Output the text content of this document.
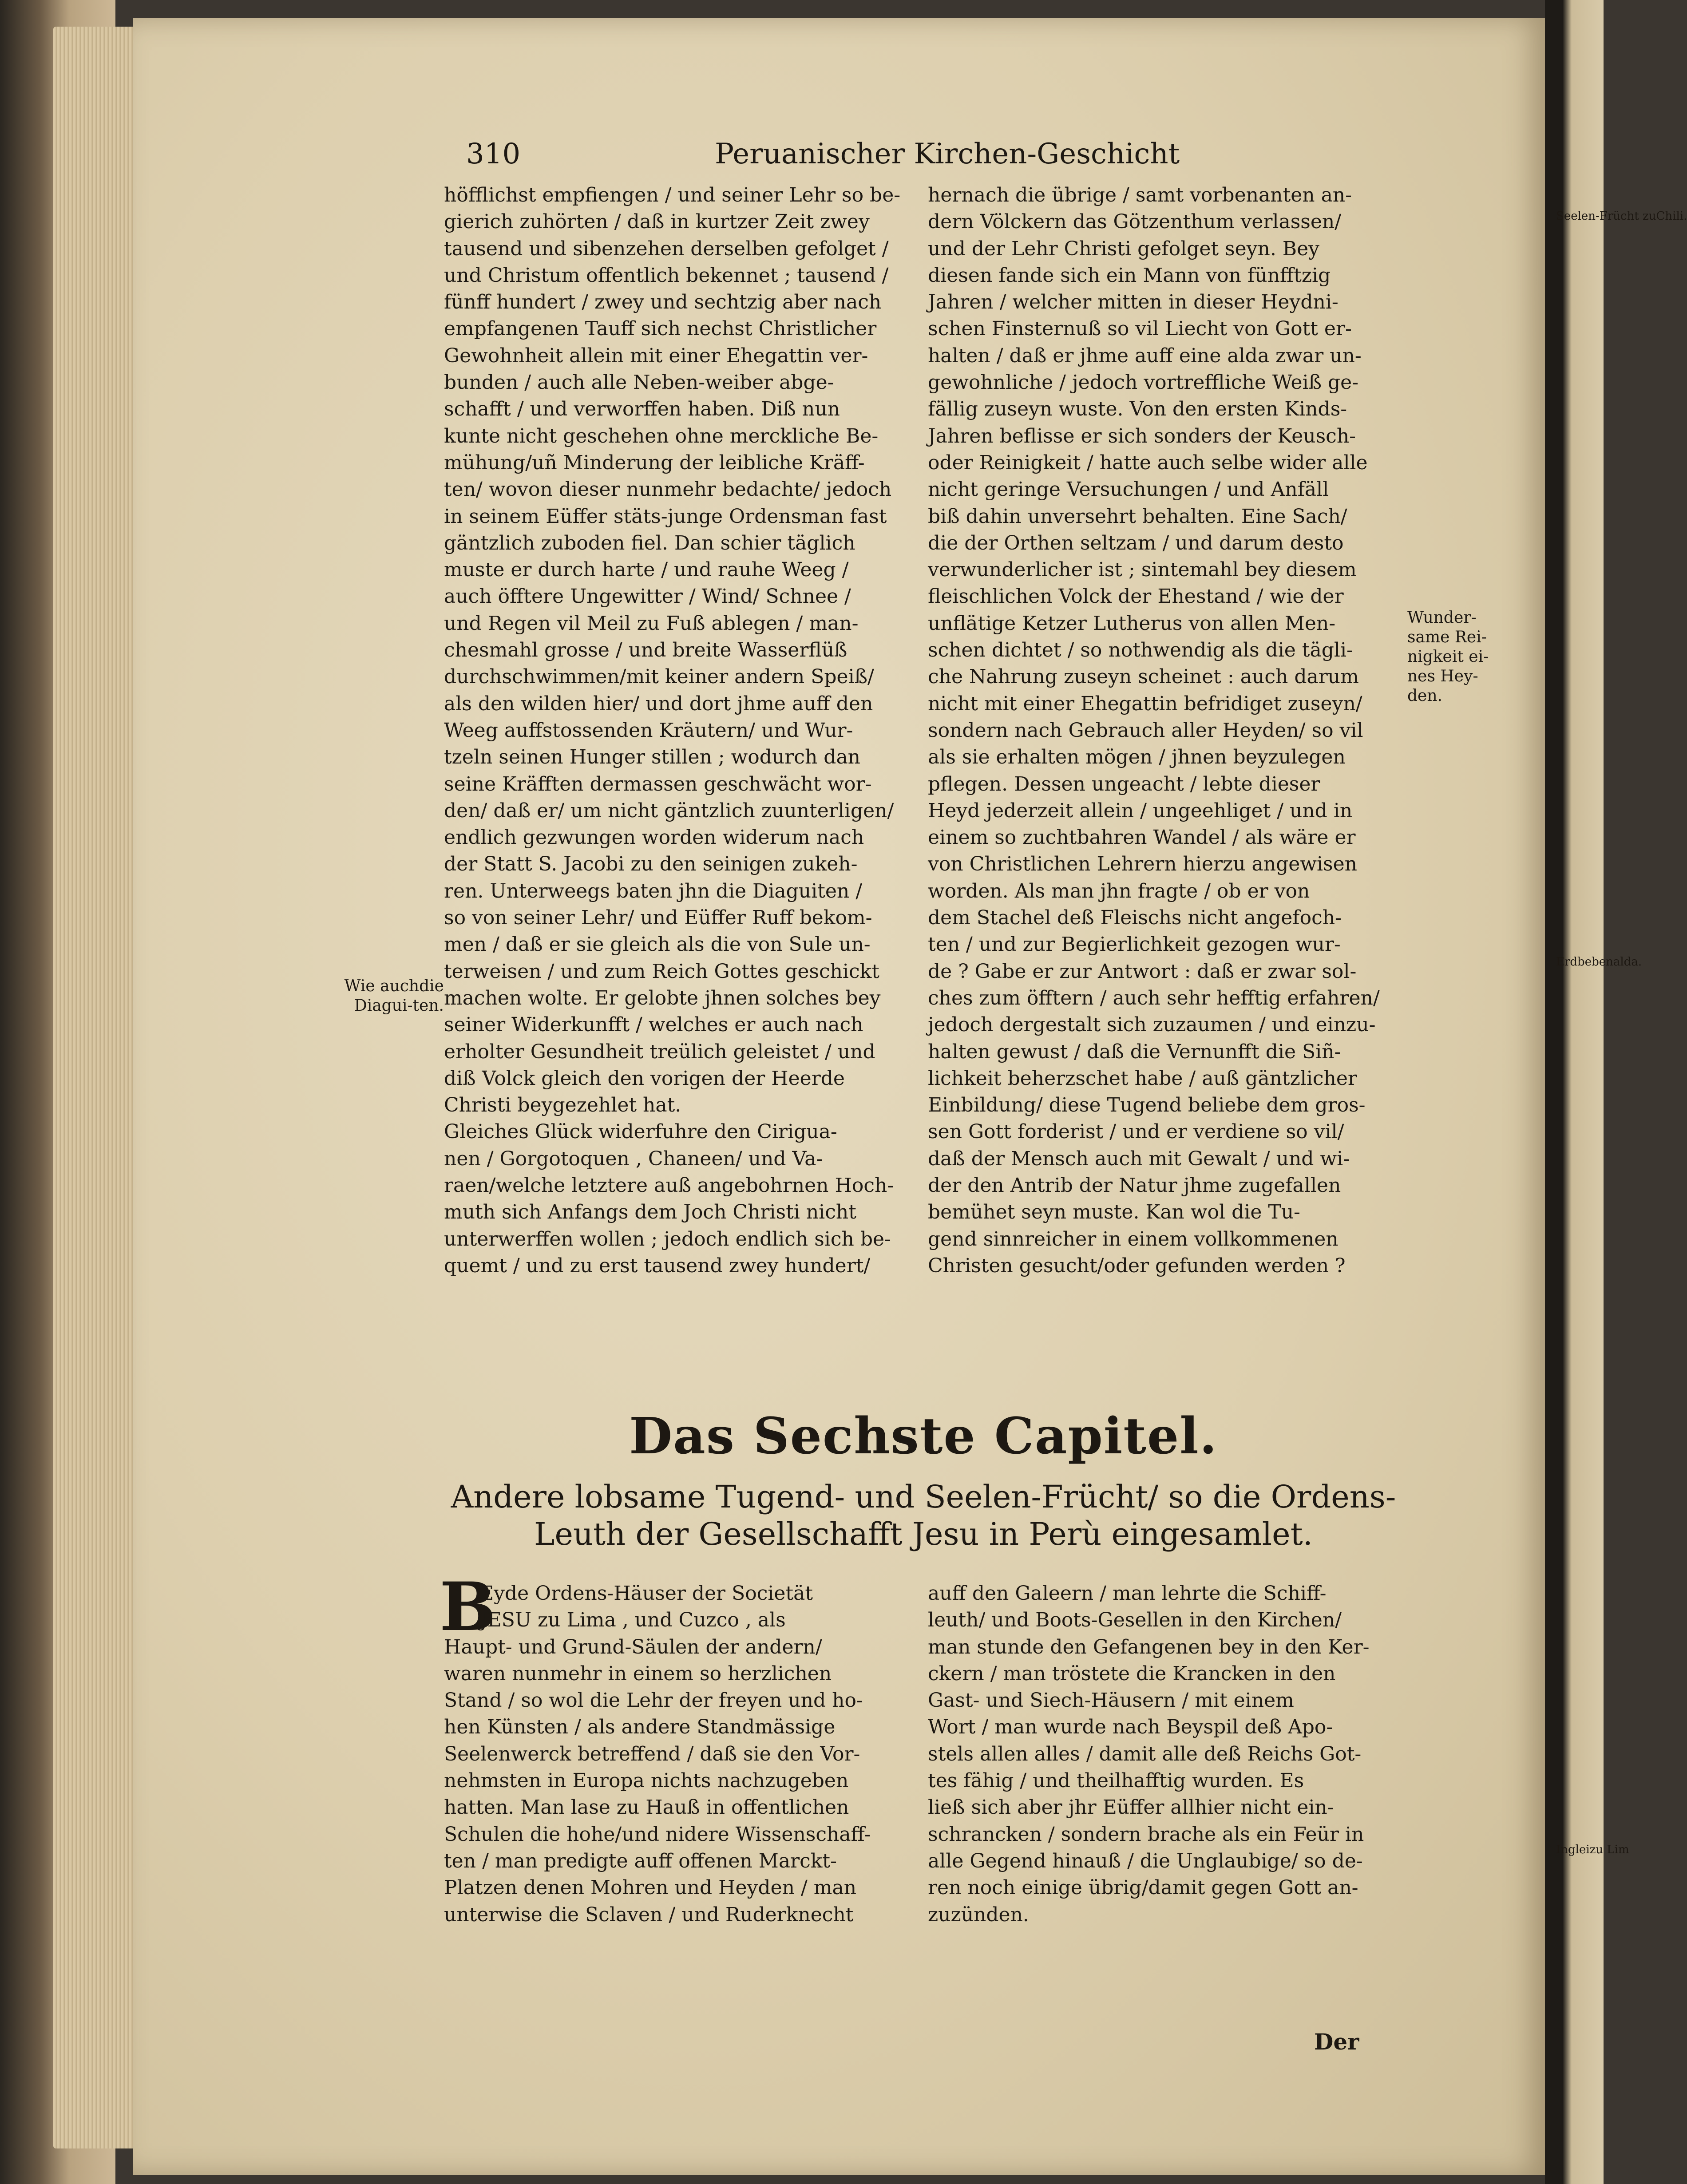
310	Peruanischer Kirchen-Geschicht
höfflichst empfiengen / und seiner Lehr so be-
gierich zuhörten / daß in kurtzer Zeit zwey
tausend und sibenzehen derselben gefolget /
und Christum offentlich bekennet ; tausend /
fünff hundert / zwey und sechtzig aber nach
empfangenen Tauff sich nechst Christlicher
Gewohnheit allein mit einer Ehegattin ver-
bunden / auch alle Neben-weiber abge-
schafft / und verworffen haben. Diß nun
kunte nicht geschehen ohne merckliche Be-
mühung/uñ Minderung der leibliche Kräff-
ten/ wovon dieser nunmehr bedachte/ jedoch
in seinem Eüffer stäts-junge Ordensman fast
gäntzlich zuboden fiel. Dan schier täglich
muste er durch harte / und rauhe Weeg /
auch öfftere Ungewitter / Wind/ Schnee /
und Regen vil Meil zu Fuß ablegen / man-
chesmahl grosse / und breite Wasserflüß
durchschwimmen/mit keiner andern Speiß/
als den wilden hier/ und dort jhme auff den
Weeg auffstossenden Kräutern/ und Wur-
tzeln seinen Hunger stillen ; wodurch dan
seine Kräfften dermassen geschwächt wor-
den/ daß er/ um nicht gäntzlich zuunterligen/
endlich gezwungen worden widerum nach
der Statt S. Jacobi zu den seinigen zukeh-
ren. Unterweegs baten jhn die Diaguiten /
so von seiner Lehr/ und Eüffer Ruff bekom-
men / daß er sie gleich als die von Sule un-
terweisen / und zum Reich Gottes geschickt
machen wolte. Er gelobte jhnen solches bey
seiner Widerkunfft / welches er auch nach
erholter Gesundheit treülich geleistet / und
diß Volck gleich den vorigen der Heerde
Christi beygezehlet hat.
Gleiches Glück widerfuhre den Cirigua-
nen / Gorgotoquen , Chaneen/ und Va-
raen/welche letztere auß angebohrnen Hoch-
muth sich Anfangs dem Joch Christi nicht
unterwerffen wollen ; jedoch endlich sich be-
quemt / und zu erst tausend zwey hundert/
hernach die übrige / samt vorbenanten an-
dern Völckern das Götzenthum verlassen/
und der Lehr Christi gefolget seyn. Bey
diesen fande sich ein Mann von fünfftzig
Jahren / welcher mitten in dieser Heydni-
schen Finsternuß so vil Liecht von Gott er-
halten / daß er jhme auff eine alda zwar un-
gewohnliche / jedoch vortreffliche Weiß ge-
fällig zuseyn wuste. Von den ersten Kinds-
Jahren beflisse er sich sonders der Keusch-
oder Reinigkeit / hatte auch selbe wider alle
nicht geringe Versuchungen / und Anfäll
biß dahin unversehrt behalten. Eine Sach/
die der Orthen seltzam / und darum desto
verwunderlicher ist ; sintemahl bey diesem
fleischlichen Volck der Ehestand / wie der
unflätige Ketzer Lutherus von allen Men-
schen dichtet / so nothwendig als die tägli-
che Nahrung zuseyn scheinet : auch darum
nicht mit einer Ehegattin befridiget zuseyn/
sondern nach Gebrauch aller Heyden/ so vil
als sie erhalten mögen / jhnen beyzulegen
pflegen. Dessen ungeacht / lebte dieser
Heyd jederzeit allein / ungeehliget / und in
einem so zuchtbahren Wandel / als wäre er
von Christlichen Lehrern hierzu angewisen
worden. Als man jhn fragte / ob er von
dem Stachel deß Fleischs nicht angefoch-
ten / und zur Begierlichkeit gezogen wur-
de ? Gabe er zur Antwort : daß er zwar sol-
ches zum öfftern / auch sehr hefftig erfahren/
jedoch dergestalt sich zuzaumen / und einzu-
halten gewust / daß die Vernunfft die Siñ-
lichkeit beherzschet habe / auß gäntzlicher
Einbildung/ diese Tugend beliebe dem gros-
sen Gott forderist / und er verdiene so vil/
daß der Mensch auch mit Gewalt / und wi-
der den Antrib der Natur jhme zugefallen
bemühet seyn muste. Kan wol die Tu-
gend sinnreicher in einem vollkommenen
Christen gesucht/oder gefunden werden ?
Das Sechste Capitel.
Andere lobsame Tugend- und Seelen-Frücht/ so die Ordens-
Leuth der Gesellschafft Jesu in Perù eingesamlet.
B
Eyde Ordens-Häuser der Societät
JESU zu Lima , und Cuzco , als
Haupt- und Grund-Säulen der andern/
waren nunmehr in einem so herzlichen
Stand / so wol die Lehr der freyen und ho-
hen Künsten / als andere Standmässige
Seelenwerck betreffend / daß sie den Vor-
nehmsten in Europa nichts nachzugeben
hatten. Man lase zu Hauß in offentlichen
Schulen die hohe/und nidere Wissenschaff-
ten / man predigte auff offenen Marckt-
Platzen denen Mohren und Heyden / man
unterwise die Sclaven / und Ruderknecht
auff den Galeern / man lehrte die Schiff-
leuth/ und Boots-Gesellen in den Kirchen/
man stunde den Gefangenen bey in den Ker-
ckern / man tröstete die Krancken in den
Gast- und Siech-Häusern / mit einem
Wort / man wurde nach Beyspil deß Apo-
stels allen alles / damit alle deß Reichs Got-
tes fähig / und theilhafftig wurden. Es
ließ sich aber jhr Eüffer allhier nicht ein-
schrancken / sondern brache als ein Feür in
alle Gegend hinauß / die Unglaubige/ so de-
ren noch einige übrig/damit gegen Gott an-
zuzünden.
Wie auchdie Diagui-ten.
Wunder-same Rei-nigkeit ei-nes Hey-den.
Seelen-Frücht zuChili.
Erdbebenalda.
Ingleizu Lim
Der
